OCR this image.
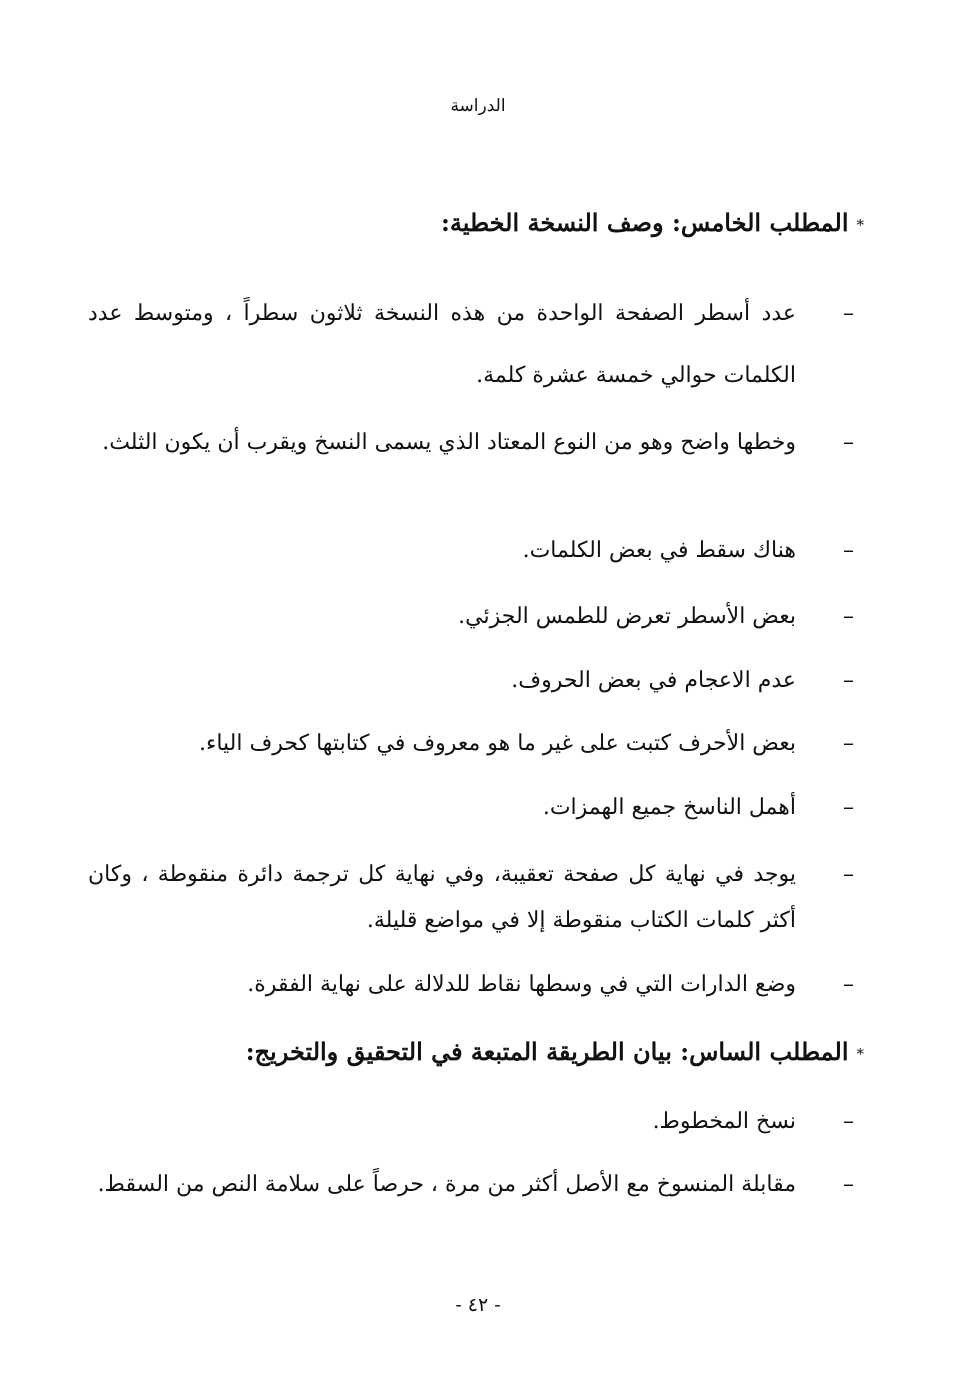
الدراسة
*المطلب الخامس: وصف النسخة الخطية:
–
عدد أسطر الصفحة الواحدة من هذه النسخة ثلاثون سطراً ، ومتوسط عدد الكلمات حوالي خمسة عشرة كلمة.
–
وخطها واضح وهو من النوع المعتاد الذي يسمى النسخ ويقرب أن يكون الثلث.
–
هناك سقط في بعض الكلمات.
–
بعض الأسطر تعرض للطمس الجزئي.
–
عدم الاعجام في بعض الحروف.
–
بعض الأحرف كتبت على غير ما هو معروف في كتابتها كحرف الياء.
–
أهمل الناسخ جميع الهمزات.
–
يوجد في نهاية كل صفحة تعقيبة، وفي نهاية كل ترجمة دائرة منقوطة ، وكان أكثر كلمات الكتاب منقوطة إلا في مواضع قليلة.
–
وضع الدارات التي في وسطها نقاط للدلالة على نهاية الفقرة.
*المطلب الساس: بيان الطريقة المتبعة في التحقيق والتخريج:
–
نسخ المخطوط.
–
مقابلة المنسوخ مع الأصل أكثر من مرة ، حرصاً على سلامة النص من السقط.
- ٤٢ -
